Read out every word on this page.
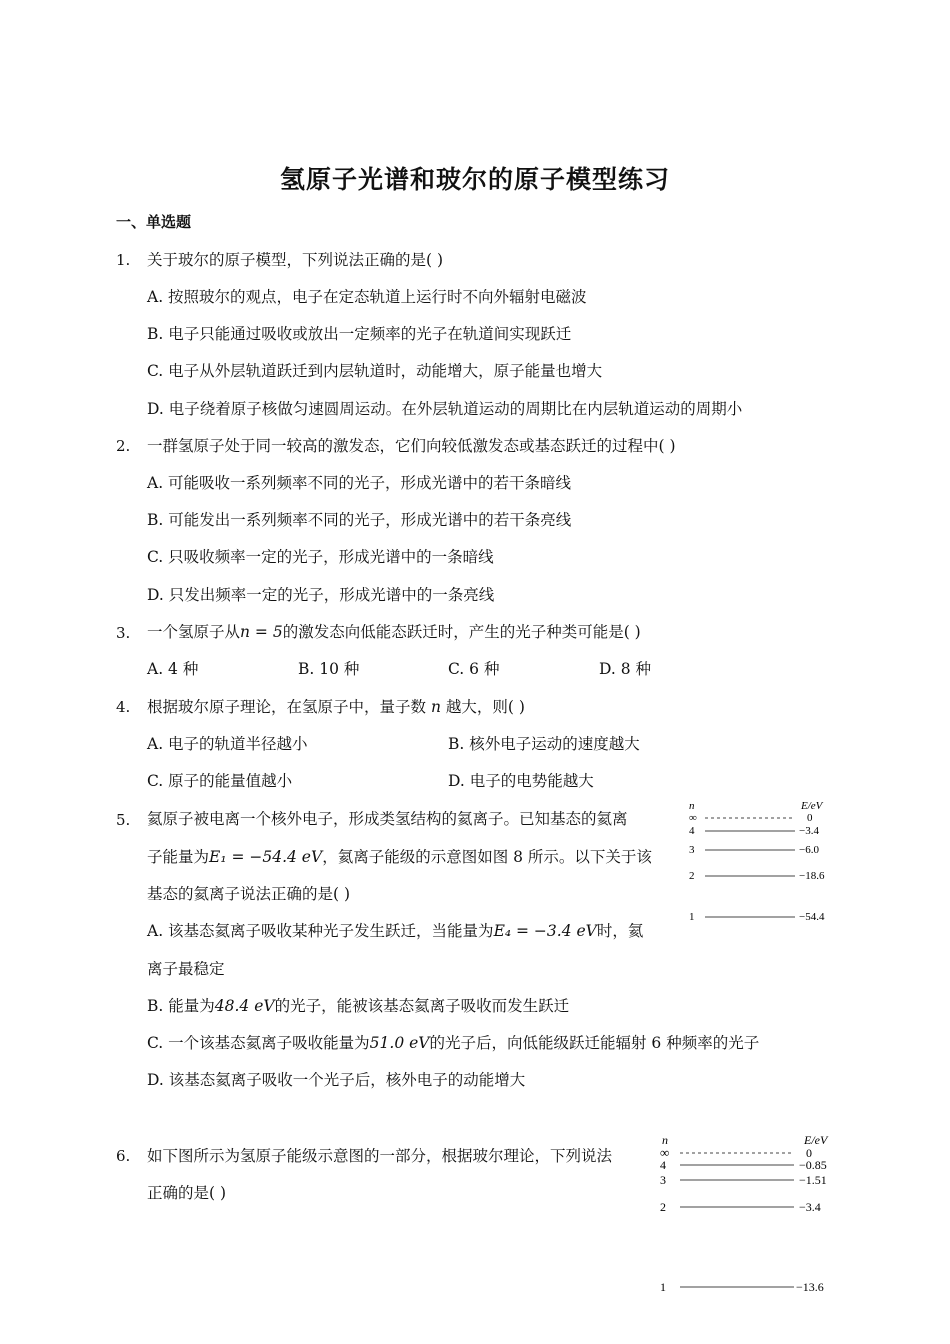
氢原子光谱和玻尔的原子模型练习
一、单选题
1. 关于玻尔的原子模型，下列说法正确的是( )
A. 按照玻尔的观点，电子在定态轨道上运行时不向外辐射电磁波
B. 电子只能通过吸收或放出一定频率的光子在轨道间实现跃迁
C. 电子从外层轨道跃迁到内层轨道时，动能增大，原子能量也增大
D. 电子绕着原子核做匀速圆周运动。在外层轨道运动的周期比在内层轨道运动的周期小
2. 一群氢原子处于同一较高的激发态，它们向较低激发态或基态跃迁的过程中( )
A. 可能吸收一系列频率不同的光子，形成光谱中的若干条暗线
B. 可能发出一系列频率不同的光子，形成光谱中的若干条亮线
C. 只吸收频率一定的光子，形成光谱中的一条暗线
D. 只发出频率一定的光子，形成光谱中的一条亮线
3. 一个氢原子从n = 5的激发态向低能态跃迁时，产生的光子种类可能是( )
A. 4 种	B. 10 种	C. 6 种	D. 8 种
4. 根据玻尔原子理论，在氢原子中，量子数 n 越大，则( )
A. 电子的轨道半径越小	B. 核外电子运动的速度越大
C. 原子的能量值越小	D. 电子的电势能越大
5. 氦原子被电离一个核外电子，形成类氢结构的氦离子。已知基态的氦离
子能量为E₁ = −54.4 eV，氦离子能级的示意图如图 8 所示。以下关于该
基态的氦离子说法正确的是( )
A. 该基态氦离子吸收某种光子发生跃迁，当能量为E₄ = −3.4 eV时，氦
离子最稳定
B. 能量为48.4 eV的光子，能被该基态氦离子吸收而发生跃迁
C. 一个该基态氦离子吸收能量为51.0 eV的光子后，向低能级跃迁能辐射 6 种频率的光子
D. 该基态氦离子吸收一个光子后，核外电子的动能增大
n	E/eV
∞	0
4	−3.4
3	−6.0
2	−18.6
1	−54.4
6. 如下图所示为氢原子能级示意图的一部分，根据玻尔理论，下列说法
正确的是( )
n	E/eV
∞	0
4	−0.85
3	−1.51
2	−3.4
1	−13.6
